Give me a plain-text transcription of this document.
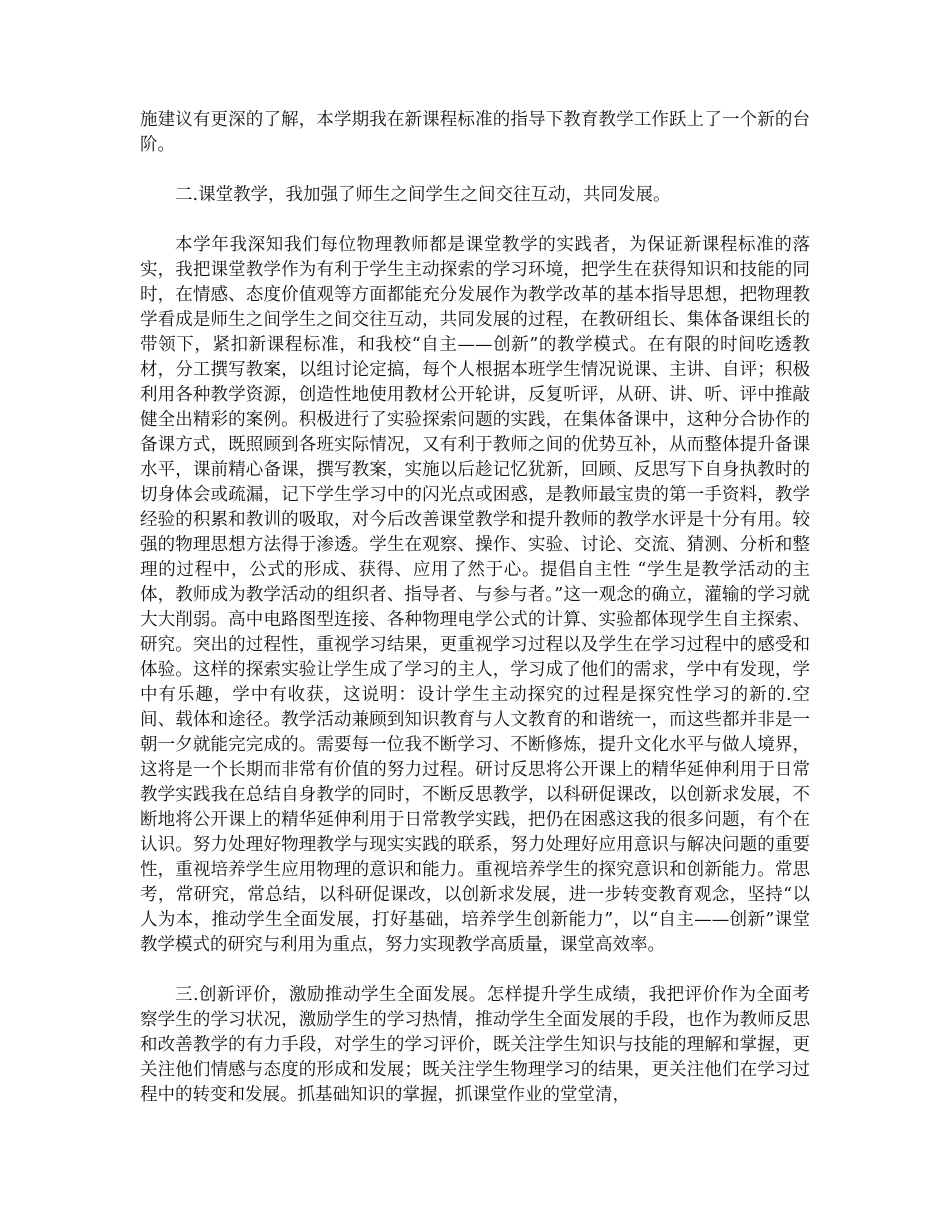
施建议有更深的了解，本学期我在新课程标准的指导下教育教学工作跃上了一个新的台阶。

二.课堂教学，我加强了师生之间学生之间交往互动，共同发展。

本学年我深知我们每位物理教师都是课堂教学的实践者，为保证新课程标准的落实，我把课堂教学作为有利于学生主动探索的学习环境，把学生在获得知识和技能的同时，在情感、态度价值观等方面都能充分发展作为教学改革的基本指导思想，把物理教学看成是师生之间学生之间交往互动，共同发展的过程，在教研组长、集体备课组长的带领下，紧扣新课程标准，和我校“自主——创新”的教学模式。在有限的时间吃透教材，分工撰写教案，以组讨论定搞，每个人根据本班学生情况说课、主讲、自评；积极利用各种教学资源，创造性地使用教材公开轮讲，反复听评，从研、讲、听、评中推敲健全出精彩的案例。积极进行了实验探索问题的实践，在集体备课中，这种分合协作的备课方式，既照顾到各班实际情况，又有利于教师之间的优势互补，从而整体提升备课水平，课前精心备课，撰写教案，实施以后趁记忆犹新，回顾、反思写下自身执教时的切身体会或疏漏，记下学生学习中的闪光点或困惑，是教师最宝贵的第一手资料，教学经验的积累和教训的吸取，对今后改善课堂教学和提升教师的教学水评是十分有用。较强的物理思想方法得于渗透。学生在观察、操作、实验、讨论、交流、猜测、分析和整理的过程中，公式的形成、获得、应用了然于心。提倡自主性 “学生是教学活动的主体，教师成为教学活动的组织者、指导者、与参与者。”这一观念的确立，灌输的学习就大大削弱。高中电路图型连接、各种物理电学公式的计算、实验都体现学生自主探索、研究。突出的过程性，重视学习结果，更重视学习过程以及学生在学习过程中的感受和体验。这样的探索实验让学生成了学习的主人，学习成了他们的需求，学中有发现，学中有乐趣，学中有收获，这说明：设计学生主动探究的过程是探究性学习的新的.空间、载体和途径。教学活动兼顾到知识教育与人文教育的和谐统一，而这些都并非是一朝一夕就能完完成的。需要每一位我不断学习、不断修炼，提升文化水平与做人境界，这将是一个长期而非常有价值的努力过程。研讨反思将公开课上的精华延伸利用于日常教学实践我在总结自身教学的同时，不断反思教学，以科研促课改，以创新求发展，不断地将公开课上的精华延伸利用于日常教学实践，把仍在困惑这我的很多问题，有个在认识。努力处理好物理教学与现实实践的联系，努力处理好应用意识与解决问题的重要性，重视培养学生应用物理的意识和能力。重视培养学生的探究意识和创新能力。常思考，常研究，常总结，以科研促课改，以创新求发展，进一步转变教育观念，坚持“以人为本，推动学生全面发展，打好基础，培养学生创新能力”，以“自主——创新”课堂教学模式的研究与利用为重点，努力实现教学高质量，课堂高效率。

三.创新评价，激励推动学生全面发展。怎样提升学生成绩，我把评价作为全面考察学生的学习状况，激励学生的学习热情，推动学生全面发展的手段，也作为教师反思和改善教学的有力手段，对学生的学习评价，既关注学生知识与技能的理解和掌握，更关注他们情感与态度的形成和发展；既关注学生物理学习的结果，更关注他们在学习过程中的转变和发展。抓基础知识的掌握，抓课堂作业的堂堂清，
